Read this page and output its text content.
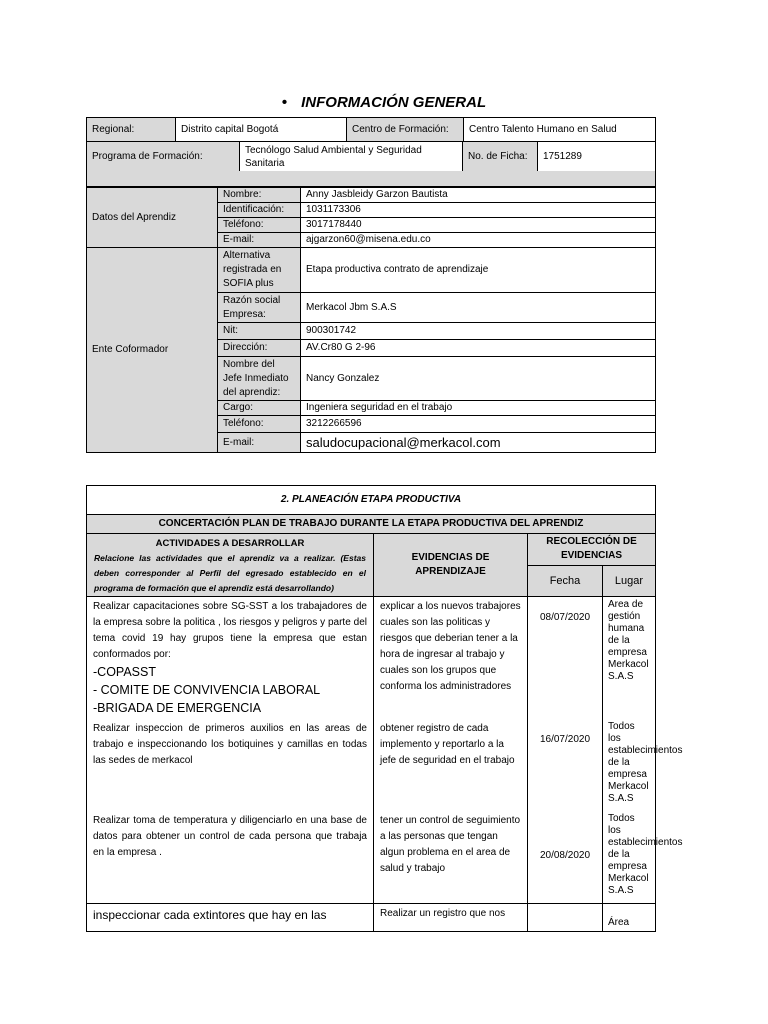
• INFORMACIÓN GENERAL
Regional:	Distrito capital Bogotá	Centro de Formación:	Centro Talento Humano en Salud
Programa de Formación:	Tecnólogo Salud Ambiental y Seguridad Sanitaria	No. de Ficha:	1751289
Datos del Aprendiz	Nombre:	Anny Jasbleidy Garzon Bautista
	Identificación:	1031173306
	Teléfono:	3017178440
	E-mail:	ajgarzon60@misena.edu.co
Ente Coformador	Alternativa registrada en SOFIA plus	Etapa productiva contrato de aprendizaje
	Razón social Empresa:	Merkacol Jbm S.A.S
	Nit:	900301742
	Dirección:	AV.Cr80 G 2-96
	Nombre del Jefe Inmediato del aprendiz:	Nancy Gonzalez
	Cargo:	Ingeniera seguridad en el trabajo
	Teléfono:	3212266596
	E-mail:	saludocupacional@merkacol.com
2. PLANEACIÓN ETAPA PRODUCTIVA			
CONCERTACIÓN PLAN DE TRABAJO DURANTE LA ETAPA PRODUCTIVA DEL APRENDIZ			

ACTIVIDADES A DESARROLLAR
Relacione las actividades que el aprendiz va a realizar. (Estas deben corresponder al Perfil del egresado establecido en el programa de formación que el aprendiz está desarrollando)	EVIDENCIAS DE APRENDIZAJE	RECOLECCIÓN DE EVIDENCIAS	
		Fecha	Lugar

Realizar capacitaciones sobre SG-SST a los trabajadores de la empresa sobre la politica , los riesgos y peligros y parte del tema covid 19 hay grupos tiene la empresa que estan conformados por:
-COPASST
- COMITE DE CONVIVENCIA LABORAL
-BRIGADA DE EMERGENCIA	explicar a los nuevos trabajores cuales son las politicas y riesgos que deberian tener a la hora de ingresar al trabajo y cuales son los grupos que conforma los administradores	08/07/2020	Area de gestión humana de la empresa Merkacol S.A.S
Realizar inspeccion de primeros auxilios en las areas de trabajo e inspeccionando los botiquines y camillas en todas las sedes de merkacol	obtener registro de cada implemento y reportarlo a la jefe de seguridad en el trabajo	16/07/2020	Todos los establecimientos de la empresa Merkacol S.A.S
Realizar toma de temperatura y diligenciarlo en una base de datos para obtener un control de cada persona que trabaja en la empresa .	tener un control de seguimiento a las personas que tengan algun problema en el area de salud y trabajo	20/08/2020	Todos los establecimientos de la empresa Merkacol S.A.S
inspeccionar cada extintores que hay en las	Realizar un registro que nos		Área
